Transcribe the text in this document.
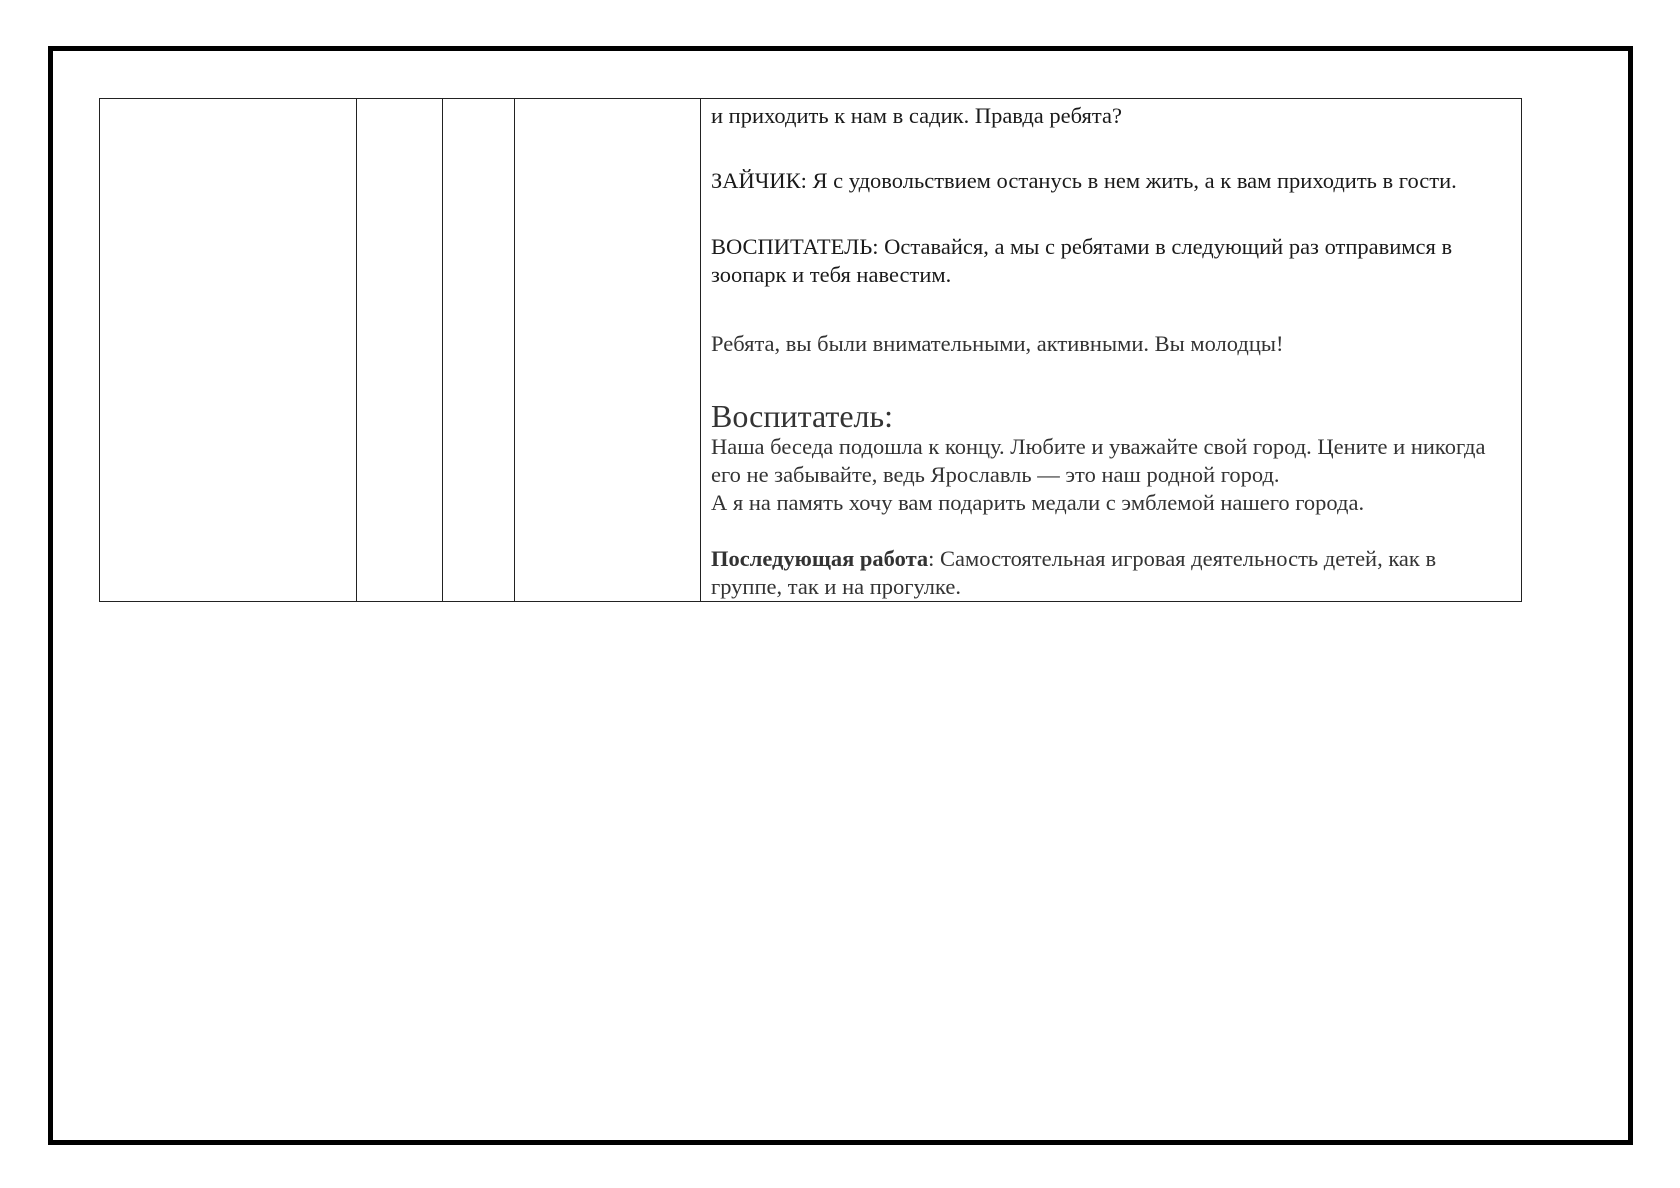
и приходить к нам в садик. Правда ребята?

ЗАЙЧИК: Я с удовольствием останусь в нем жить, а к вам приходить в гости.

ВОСПИТАТЕЛЬ: Оставайся, а мы с ребятами в следующий раз отправимся в зоопарк и тебя навестим.

Ребята, вы были внимательными, активными. Вы молодцы!

Воспитатель:

Наша беседа подошла к концу. Любите и уважайте свой город. Цените и никогда его не забывайте, ведь Ярославль — это наш родной город.

А я на память хочу вам подарить медали с эмблемой нашего города.

Последующая работа: Самостоятельная игровая деятельность детей, как в группе, так и на прогулке.
